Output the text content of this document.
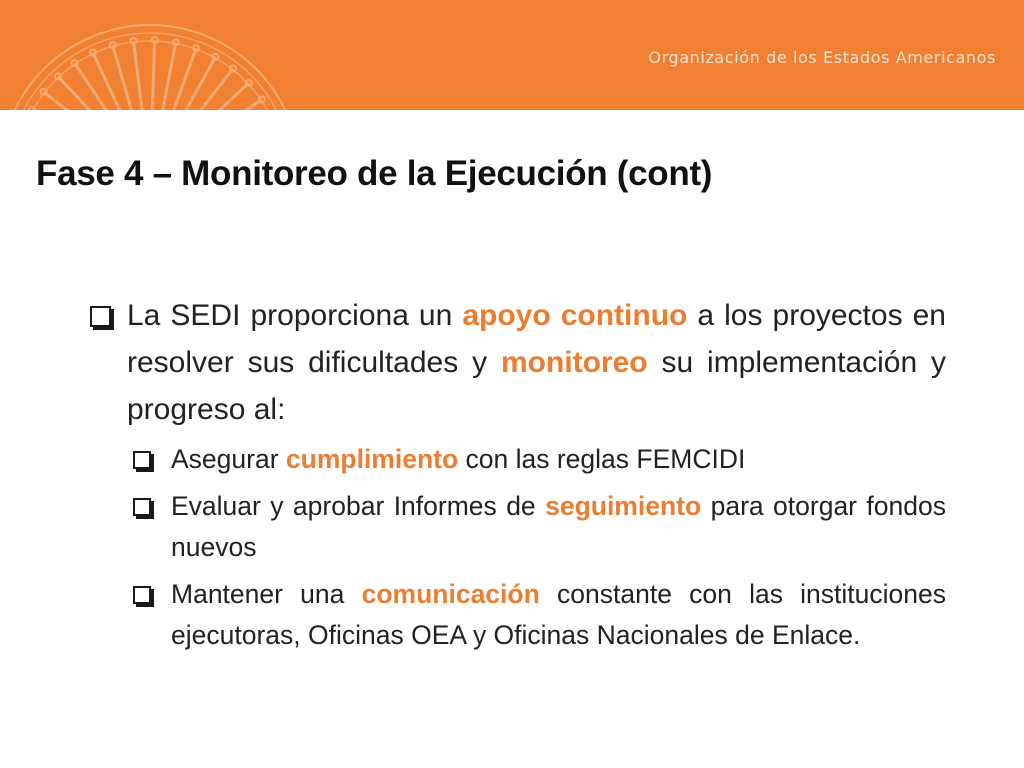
Organización de los Estados Americanos
Fase 4 – Monitoreo de la Ejecución (cont)
La SEDI proporciona un apoyo continuo a los proyectos en resolver sus dificultades y monitoreo su implementación y progreso al:
Asegurar cumplimiento con las reglas FEMCIDI
Evaluar y aprobar Informes de seguimiento para otorgar fondos nuevos
Mantener una comunicación constante con las instituciones ejecutoras, Oficinas OEA y Oficinas Nacionales de Enlace.
